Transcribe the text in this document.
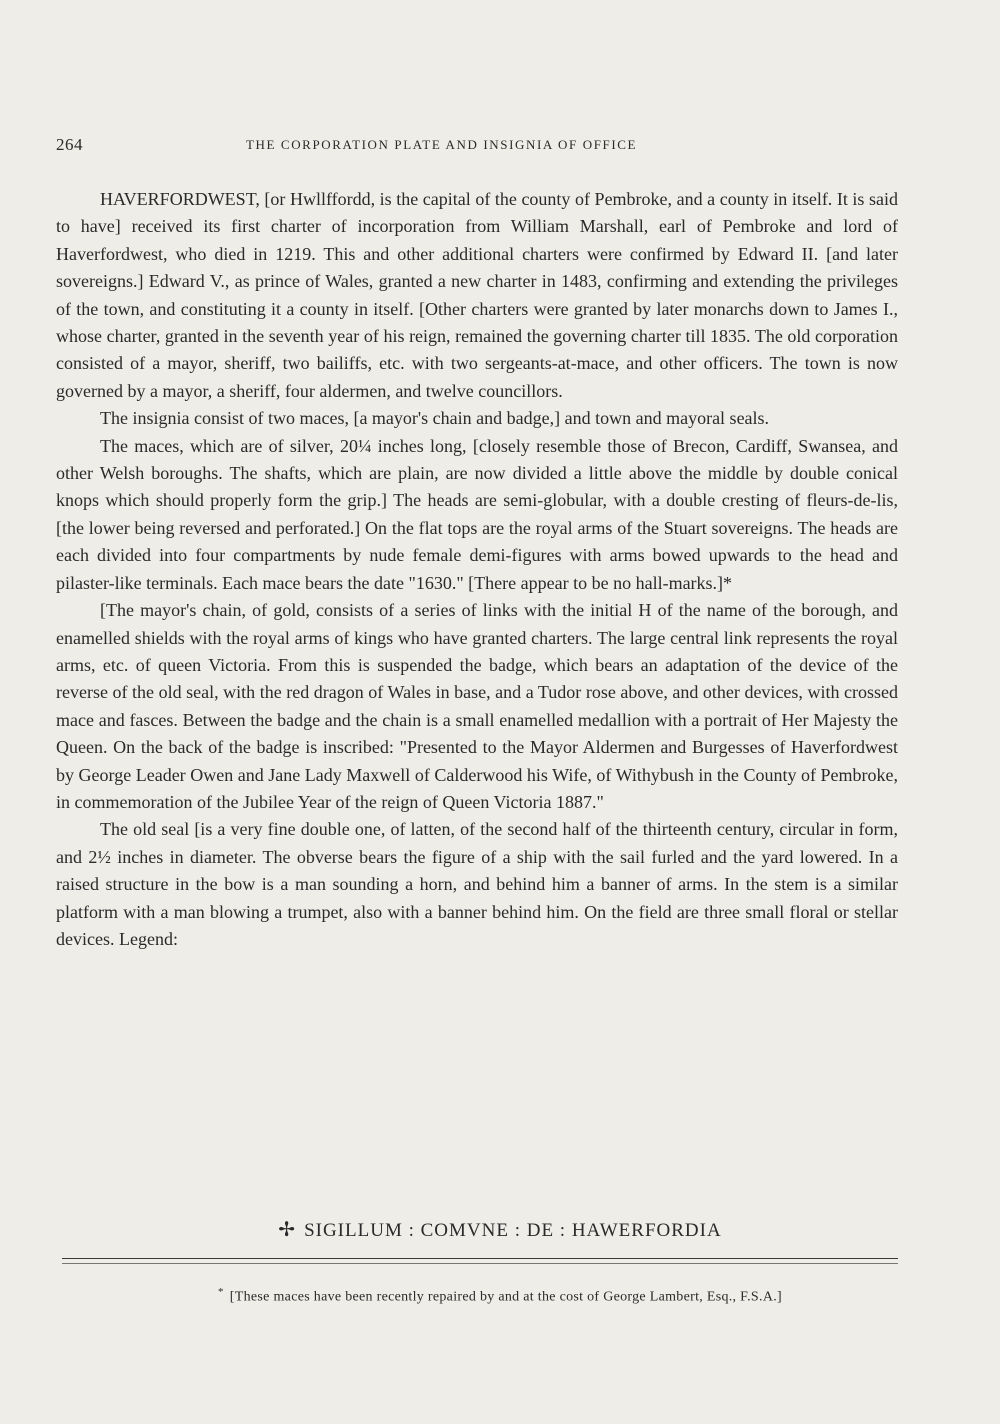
264	THE CORPORATION PLATE AND INSIGNIA OF OFFICE

HAVERFORDWEST, [or Hwllffordd, is the capital of the county of Pembroke, and a county in itself. It is said to have] received its first charter of incorporation from William Marshall, earl of Pembroke and lord of Haverfordwest, who died in 1219. This and other additional charters were confirmed by Edward II. [and later sovereigns.] Edward V., as prince of Wales, granted a new charter in 1483, confirming and extending the privileges of the town, and constituting it a county in itself. [Other charters were granted by later monarchs down to James I., whose charter, granted in the seventh year of his reign, remained the governing charter till 1835. The old corporation consisted of a mayor, sheriff, two bailiffs, etc. with two sergeants-at-mace, and other officers. The town is now governed by a mayor, a sheriff, four aldermen, and twelve councillors.

The insignia consist of two maces, [a mayor's chain and badge,] and town and mayoral seals.

The maces, which are of silver, 20¼ inches long, [closely resemble those of Brecon, Cardiff, Swansea, and other Welsh boroughs. The shafts, which are plain, are now divided a little above the middle by double conical knops which should properly form the grip.] The heads are semi-globular, with a double cresting of fleurs-de-lis, [the lower being reversed and perforated.] On the flat tops are the royal arms of the Stuart sovereigns. The heads are each divided into four compartments by nude female demi-figures with arms bowed upwards to the head and pilaster-like terminals. Each mace bears the date "1630." [There appear to be no hall-marks.]*

[The mayor's chain, of gold, consists of a series of links with the initial H of the name of the borough, and enamelled shields with the royal arms of kings who have granted charters. The large central link represents the royal arms, etc. of queen Victoria. From this is suspended the badge, which bears an adaptation of the device of the reverse of the old seal, with the red dragon of Wales in base, and a Tudor rose above, and other devices, with crossed mace and fasces. Between the badge and the chain is a small enamelled medallion with a portrait of Her Majesty the Queen. On the back of the badge is inscribed: "Presented to the Mayor Aldermen and Burgesses of Haverfordwest by George Leader Owen and Jane Lady Maxwell of Calderwood his Wife, of Withybush in the County of Pembroke, in commemoration of the Jubilee Year of the reign of Queen Victoria 1887."

The old seal [is a very fine double one, of latten, of the second half of the thirteenth century, circular in form, and 2½ inches in diameter. The obverse bears the figure of a ship with the sail furled and the yard lowered. In a raised structure in the bow is a man sounding a horn, and behind him a banner of arms. In the stem is a similar platform with a man blowing a trumpet, also with a banner behind him. On the field are three small floral or stellar devices. Legend:

✢ SIGILLUM : COMVNE : DE : HAWERFORDIA
* [These maces have been recently repaired by and at the cost of George Lambert, Esq., F.S.A.]
